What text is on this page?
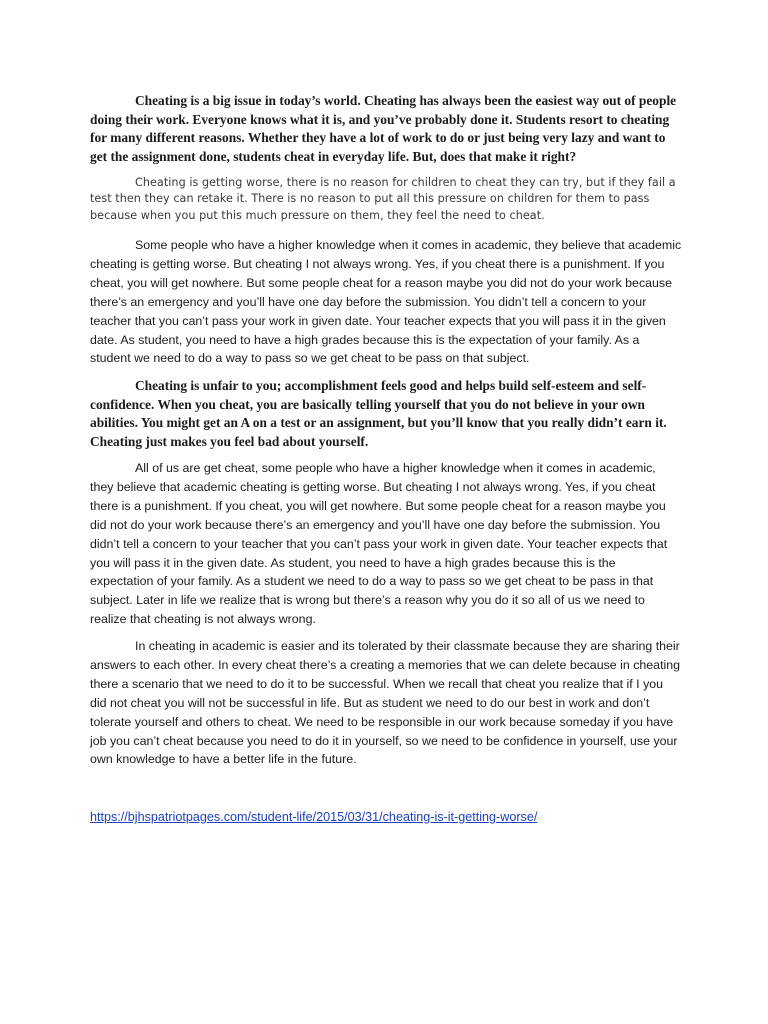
Cheating is a big issue in today’s world. Cheating has always been the easiest way out of people doing their work. Everyone knows what it is, and you’ve probably done it. Students resort to cheating for many different reasons. Whether they have a lot of work to do or just being very lazy and want to get the assignment done, students cheat in everyday life. But, does that make it right?

Cheating is getting worse, there is no reason for children to cheat they can try, but if they fail a test then they can retake it. There is no reason to put all this pressure on children for them to pass because when you put this much pressure on them, they feel the need to cheat.

Some people who have a higher knowledge when it comes in academic, they believe that academic cheating is getting worse. But cheating I not always wrong. Yes, if you cheat there is a punishment. If you cheat, you will get nowhere. But some people cheat for a reason maybe you did not do your work because there’s an emergency and you’ll have one day before the submission. You didn’t tell a concern to your teacher that you can’t pass your work in given date. Your teacher expects that you will pass it in the given date. As student, you need to have a high grades because this is the expectation of your family. As a student we need to do a way to pass so we get cheat to be pass on that subject.

Cheating is unfair to you; accomplishment feels good and helps build self-esteem and self-confidence. When you cheat, you are basically telling yourself that you do not believe in your own abilities. You might get an A on a test or an assignment, but you’ll know that you really didn’t earn it. Cheating just makes you feel bad about yourself.

All of us are get cheat, some people who have a higher knowledge when it comes in academic, they believe that academic cheating is getting worse. But cheating I not always wrong. Yes, if you cheat there is a punishment. If you cheat, you will get nowhere. But some people cheat for a reason maybe you did not do your work because there’s an emergency and you’ll have one day before the submission. You didn’t tell a concern to your teacher that you can’t pass your work in given date. Your teacher expects that you will pass it in the given date. As student, you need to have a high grades because this is the expectation of your family. As a student we need to do a way to pass so we get cheat to be pass in that subject. Later in life we realize that is wrong but there’s a reason why you do it so all of us we need to realize that cheating is not always wrong.

In cheating in academic is easier and its tolerated by their classmate because they are sharing their answers to each other. In every cheat there’s a creating a memories that we can delete because in cheating there a scenario that we need to do it to be successful. When we recall that cheat you realize that if I you did not cheat you will not be successful in life. But as student we need to do our best in work and don’t tolerate yourself and others to cheat. We need to be responsible in our work because someday if you have job you can’t cheat because you need to do it in yourself, so we need to be confidence in yourself, use your own knowledge to have a better life in the future.

https://bjhspatriotpages.com/student-life/2015/03/31/cheating-is-it-getting-worse/
